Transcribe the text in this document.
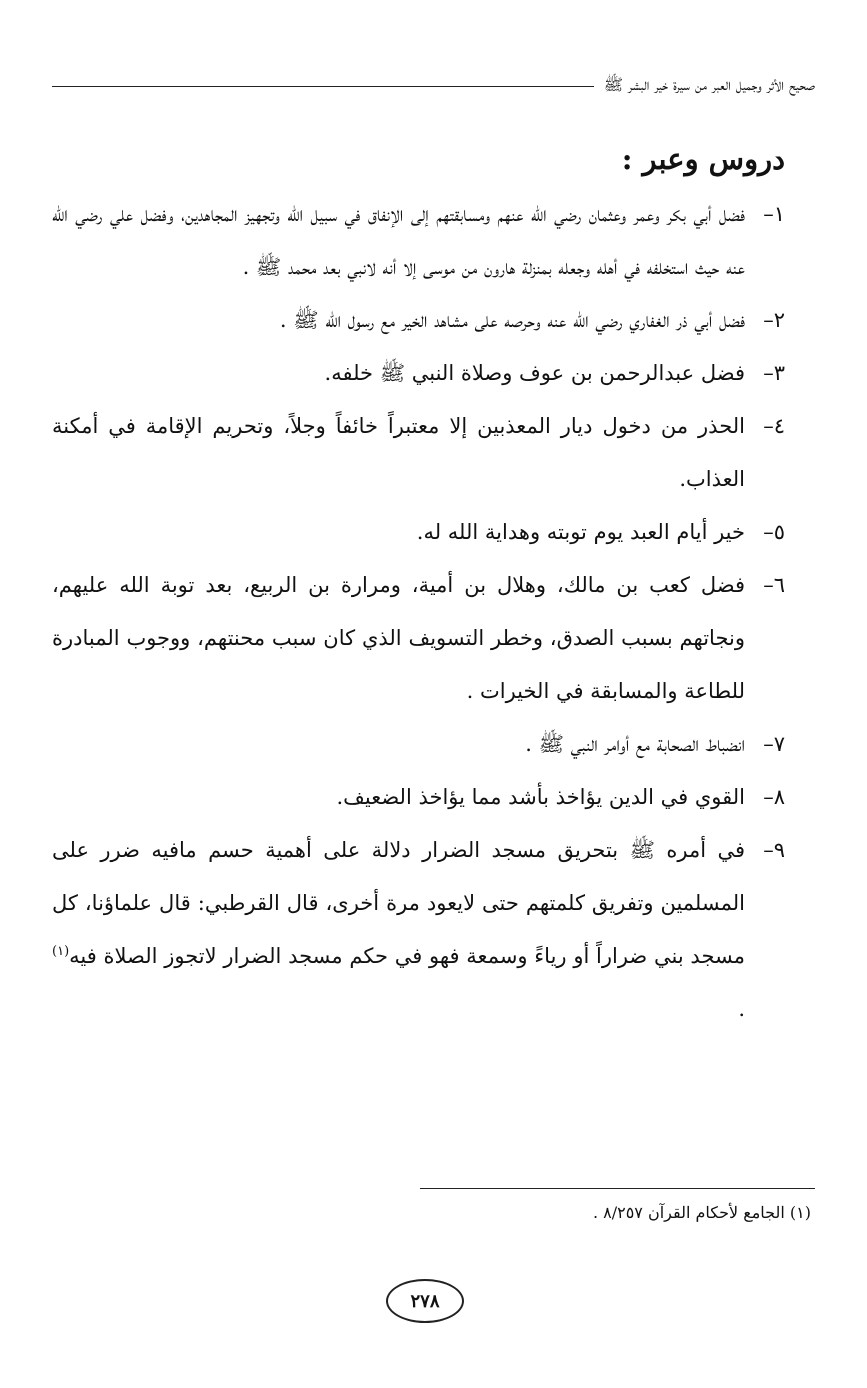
صحيح الأثر وجميل العبر من سيرة خير البشر ﷺ
دروس وعبر :
١–
فضل أبي بكر وعمر وعثمان رضي الله عنهم ومسابقتهم إلى الإنفاق في سبيل الله وتجهيز المجاهدين، وفضل علي رضي الله عنه حيث استخلفه في أهله وجعله بمنزلة هارون من موسى إلا أنه لانبي بعد محمد ﷺ .
٢–
فضل أبي ذر الغفاري رضي الله عنه وحرصه على مشاهد الخير مع رسول الله ﷺ .
٣–
فضل عبدالرحمن بن عوف وصلاة النبي ﷺ خلفه.
٤–
الحذر من دخول ديار المعذبين إلا معتبراً خائفاً وجلاً، وتحريم الإقامة في أمكنة العذاب.
٥–
خير أيام العبد يوم توبته وهداية الله له.
٦–
فضل كعب بن مالك، وهلال بن أمية، ومرارة بن الربيع، بعد توبة الله عليهم، ونجاتهم بسبب الصدق، وخطر التسويف الذي كان سبب محنتهم، ووجوب المبادرة للطاعة والمسابقة في الخيرات .
٧–
انضباط الصحابة مع أوامر النبي ﷺ .
٨–
القوي في الدين يؤاخذ بأشد مما يؤاخذ الضعيف.
٩–
في أمره ﷺ بتحريق مسجد الضرار دلالة على أهمية حسم مافيه ضرر على المسلمين وتفريق كلمتهم حتى لايعود مرة أخرى، قال القرطبي: قال علماؤنا، كل مسجد بني ضراراً أو رياءً وسمعة فهو في حكم مسجد الضرار لاتجوز الصلاة فيه$^{(١)}$ .
(١) الجامع لأحكام القرآن ٨/٢٥٧ .
٢٧٨
